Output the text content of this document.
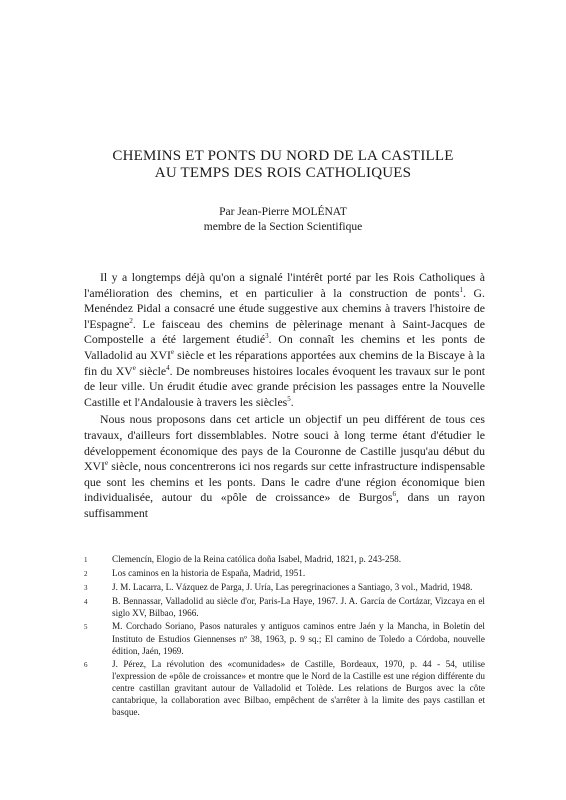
CHEMINS ET PONTS DU NORD DE LA CASTILLE
AU TEMPS DES ROIS CATHOLIQUES
Par Jean-Pierre MOLÉNAT
membre de la Section Scientifique

Il y a longtemps déjà qu'on a signalé l'intérêt porté par les Rois Catholiques à l'amélioration des chemins, et en particulier à la construction de ponts$^1$. G. Menéndez Pidal a consacré une étude suggestive aux chemins à travers l'histoire de l'Espagne$^2$. Le faisceau des chemins de pèlerinage menant à Saint-Jacques de Compostelle a été largement étudié$^3$. On connaît les chemins et les ponts de Valladolid au XVIe siècle et les réparations apportées aux chemins de la Biscaye à la fin du XVe siècle$^4$. De nombreuses histoires locales évoquent les travaux sur le pont de leur ville. Un érudit étudie avec grande précision les passages entre la Nouvelle Castille et l'Andalousie à travers les siècles$^5$.

Nous nous proposons dans cet article un objectif un peu différent de tous ces travaux, d'ailleurs fort dissemblables. Notre souci à long terme étant d'étudier le développement économique des pays de la Couronne de Castille jusqu'au début du XVIe siècle, nous concentrerons ici nos regards sur cette infrastructure indispensable que sont les chemins et les ponts. Dans le cadre d'une région économique bien individualisée, autour du «pôle de croissance» de Burgos$^6$, dans un rayon suffisamment

1	Clemencín, Elogio de la Reina católica doña Isabel, Madrid, 1821, p. 243-258.
2	Los caminos en la historia de España, Madrid, 1951.
3	J. M. Lacarra, L. Vázquez de Parga, J. Uría, Las peregrinaciones a Santiago, 3 vol., Madrid, 1948.
4	B. Bennassar, Valladolid au siècle d'or, Paris-La Haye, 1967. J. A. García de Cortázar, Vizcaya en el siglo XV, Bilbao, 1966.
5	M. Corchado Soriano, Pasos naturales y antiguos caminos entre Jaén y la Mancha, in Boletín del Instituto de Estudios Giennenses nº 38, 1963, p. 9 sq.; El camino de Toledo a Córdoba, nouvelle édition, Jaén, 1969.
6	J. Pérez, La révolution des «comunidades» de Castille, Bordeaux, 1970, p. 44 - 54, utilise l'expression de «pôle de croissance» et montre que le Nord de la Castille est une région différente du centre castillan gravitant autour de Valladolid et Tolède. Les relations de Burgos avec la côte cantabrique, la collaboration avec Bilbao, empêchent de s'arrêter à la limite des pays castillan et basque.
